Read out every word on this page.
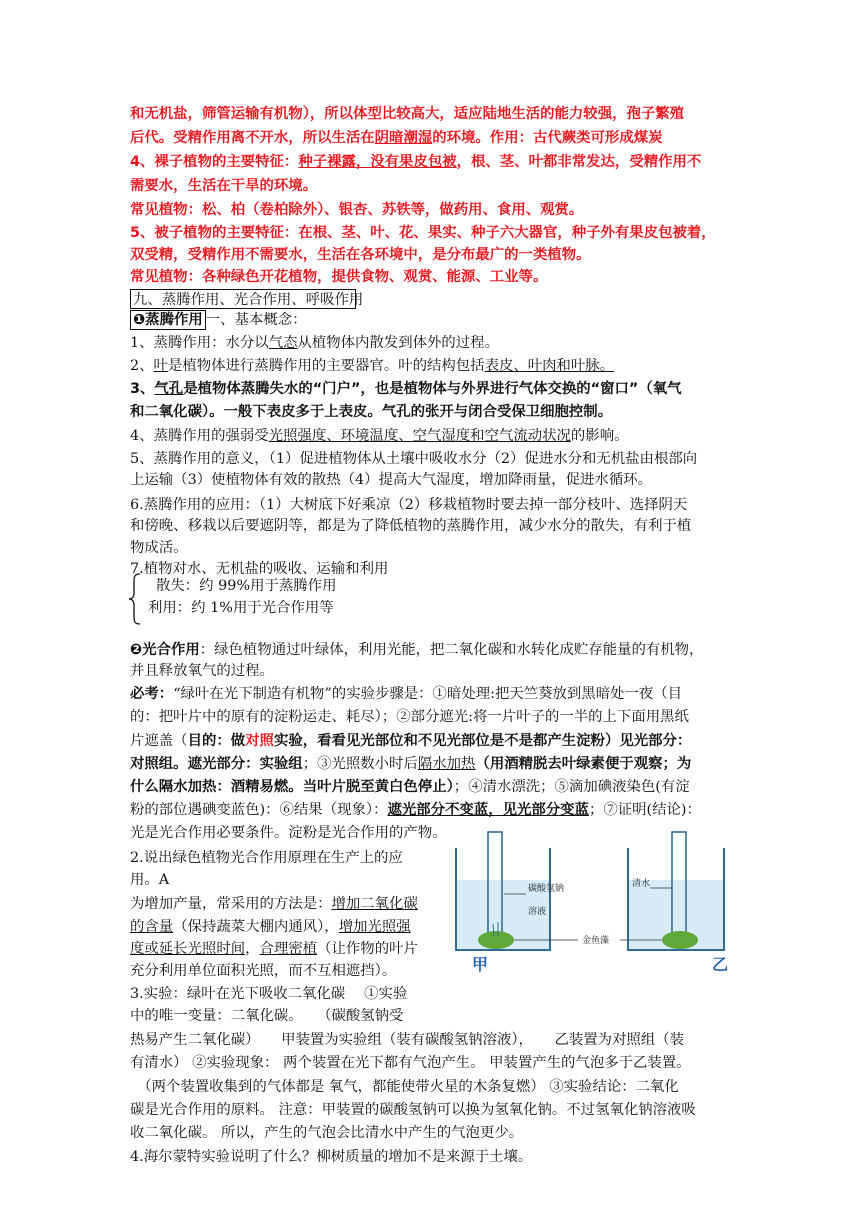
和无机盐，筛管运输有机物），所以体型比较高大，适应陆地生活的能力较强，孢子繁殖
后代。受精作用离不开水，所以生活在阴暗潮湿的环境。作用：古代蕨类可形成煤炭
4、裸子植物的主要特征：种子裸露，没有果皮包被，根、茎、叶都非常发达，受精作用不
需要水，生活在干旱的环境。
常见植物：松、柏（卷柏除外）、银杏、苏铁等，做药用、食用、观赏。
5、被子植物的主要特征：在根、茎、叶、花、果实、种子六大器官，种子外有果皮包被着，
双受精，受精作用不需要水，生活在各环境中，是分布最广的一类植物。
常见植物：各种绿色开花植物，提供食物、观赏、能源、工业等。
九、蒸腾作用、光合作用、呼吸作用
❶蒸腾作用 一、基本概念：
1、蒸腾作用：水分以气态从植物体内散发到体外的过程。
2、叶是植物体进行蒸腾作用的主要器官。叶的结构包括表皮、叶肉和叶脉。
3、气孔是植物体蒸腾失水的“门户”，也是植物体与外界进行气体交换的“窗口”（氧气
和二氧化碳）。一般下表皮多于上表皮。气孔的张开与闭合受保卫细胞控制。
4、蒸腾作用的强弱受光照强度、环境温度、空气湿度和空气流动状况的影响。
5、蒸腾作用的意义，（1）促进植物体从土壤中吸收水分（2）促进水分和无机盐由根部向
上运输（3）使植物体有效的散热（4）提高大气湿度，增加降雨量，促进水循环。
6.蒸腾作用的应用：（1）大树底下好乘凉（2）移栽植物时要去掉一部分枝叶、选择阴天
和傍晚、移栽以后要遮阴等，都是为了降低植物的蒸腾作用，减少水分的散失，有利于植
物成活。
7.植物对水、无机盐的吸收、运输和利用
散失：约 99%用于蒸腾作用
利用：约 1%用于光合作用等
❷光合作用：绿色植物通过叶绿体，利用光能，把二氧化碳和水转化成贮存能量的有机物，
并且释放氧气的过程。
必考：“绿叶在光下制造有机物”的实验步骤是：①暗处理:把天竺葵放到黑暗处一夜（目
的：把叶片中的原有的淀粉运走、耗尽）；②部分遮光:将一片叶子的一半的上下面用黑纸
片遮盖（目的：做对照实验，看看见光部位和不见光部位是不是都产生淀粉）见光部分：
对照组。遮光部分：实验组；③光照数小时后隔水加热（用酒精脱去叶绿素便于观察；为
什么隔水加热：酒精易燃。当叶片脱至黄白色停止）；④清水漂洗；⑤滴加碘液染色(有淀
粉的部位遇碘变蓝色)：⑥结果（现象）：遮光部分不变蓝，见光部分变蓝；⑦证明(结论)：
光是光合作用必要条件。淀粉是光合作用的产物。
2.说出绿色植物光合作用原理在生产上的应
用。A
为增加产量，常采用的方法是：增加二氧化碳
的含量（保持蔬菜大棚内通风），增加光照强
度或延长光照时间，合理密植（让作物的叶片
充分利用单位面积光照，而不互相遮挡）。
3.实验：绿叶在光下吸收二氧化碳　 ①实验
中的唯一变量：二氧化碳。　　（碳酸氢钠受
热易产生二氧化碳）　　甲装置为实验组（装有碳酸氢钠溶液），　　乙装置为对照组（装
有清水） ②实验现象： 两个装置在光下都有气泡产生。 甲装置产生的气泡多于乙装置。
　（两个装置收集到的气体都是 氧气，都能使带火星的木条复燃） ③实验结论：二氧化
碳是光合作用的原料。 注意：甲装置的碳酸氢钠可以换为氢氧化钠。不过氢氧化钠溶液吸
收二氧化碳。 所以，产生的气泡会比清水中产生的气泡更少。
4.海尔蒙特实验说明了什么？柳树质量的增加不是来源于土壤。
碳酸氢钠
溶液
甲
清水
乙
金鱼藻
